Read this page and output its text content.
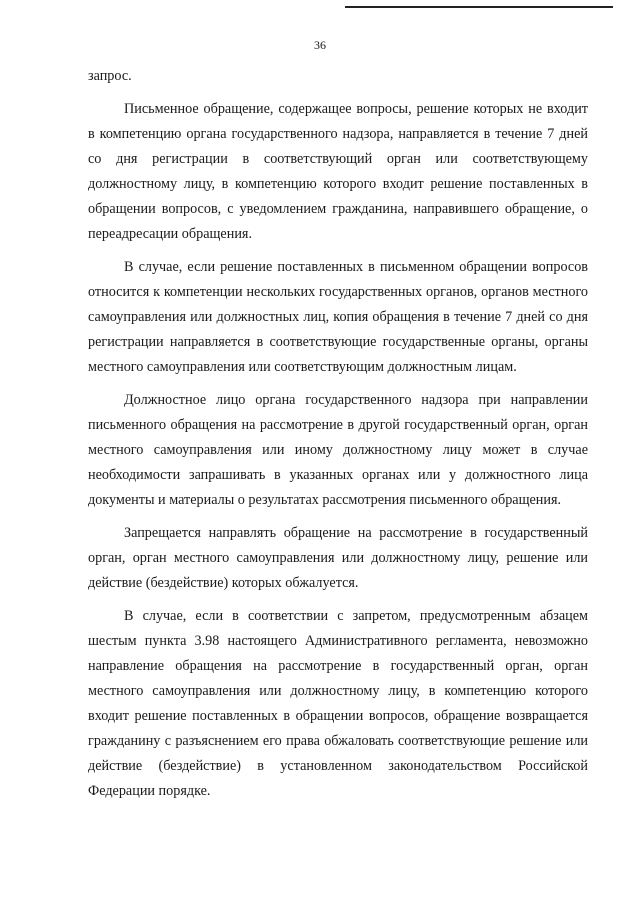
36

запрос.

Письменное обращение, содержащее вопросы, решение которых не входит в компетенцию органа государственного надзора, направляется в течение 7 дней со дня регистрации в соответствующий орган или соответствующему должностному лицу, в компетенцию которого входит решение поставленных в обращении вопросов, с уведомлением гражданина, направившего обращение, о переадресации обращения.

В случае, если решение поставленных в письменном обращении вопросов относится к компетенции нескольких государственных органов, органов местного самоуправления или должностных лиц, копия обращения в течение 7 дней со дня регистрации направляется в соответствующие государственные органы, органы местного самоуправления или соответствующим должностным лицам.

Должностное лицо органа государственного надзора при направлении письменного обращения на рассмотрение в другой государственный орган, орган местного самоуправления или иному должностному лицу может в случае необходимости запрашивать в указанных органах или у должностного лица документы и материалы о результатах рассмотрения письменного обращения.

Запрещается направлять обращение на рассмотрение в государственный орган, орган местного самоуправления или должностному лицу, решение или действие (бездействие) которых обжалуется.

В случае, если в соответствии с запретом, предусмотренным абзацем шестым пункта 3.98 настоящего Административного регламента, невозможно направление обращения на рассмотрение в государственный орган, орган местного самоуправления или должностному лицу, в компетенцию которого входит решение поставленных в обращении вопросов, обращение возвращается гражданину с разъяснением его права обжаловать соответствующие решение или действие (бездействие) в установленном законодательством Российской Федерации порядке.
